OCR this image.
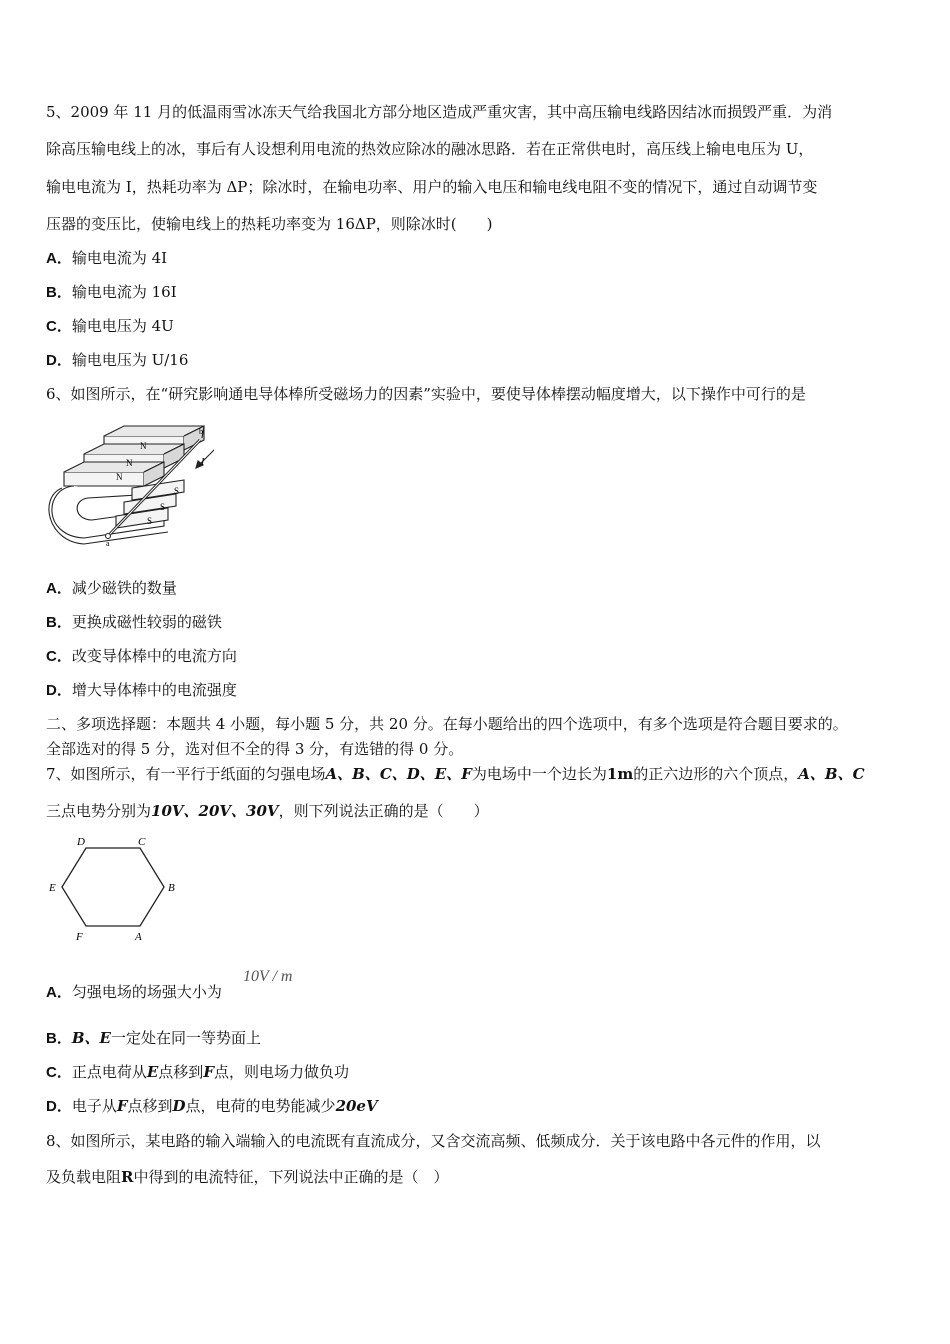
5、2009 年 11 月的低温雨雪冰冻天气给我国北方部分地区造成严重灾害，其中高压输电线路因结冰而损毁严重．为消
除高压输电线上的冰，事后有人设想利用电流的热效应除冰的融冰思路．若在正常供电时，高压线上输电电压为 U，
输电电流为 I，热耗功率为 ΔP；除冰时，在输电功率、用户的输入电压和输电线电阻不变的情况下，通过自动调节变
压器的变压比，使输电线上的热耗功率变为 16ΔP，则除冰时(　　)
A．输电电流为 4I
B．输电电流为 16I
C．输电电压为 4U
D．输电电压为 U/16
6、如图所示，在“研究影响通电导体棒所受磁场力的因素”实验中，要使导体棒摆动幅度增大，以下操作中可行的是
N
N
N
S
S
S
a
b
I
A．减少磁铁的数量
B．更换成磁性较弱的磁铁
C．改变导体棒中的电流方向
D．增大导体棒中的电流强度
二、多项选择题：本题共 4 小题，每小题 5 分，共 20 分。在每小题给出的四个选项中，有多个选项是符合题目要求的。
全部选对的得 5 分，选对但不全的得 3 分，有选错的得 0 分。
7、如图所示，有一平行于纸面的匀强电场A、B、C、D、E、F为电场中一个边长为1m的正六边形的六个顶点，A、B、C
三点电势分别为10V、20V、30V，则下列说法正确的是（　　）
D	C
E	B
F	A
A．匀强电场的场强大小为
10V / m
B．B、E一定处在同一等势面上
C．正点电荷从E点移到F点，则电场力做负功
D．电子从F点移到D点，电荷的电势能减少20eV
8、如图所示，某电路的输入端输入的电流既有直流成分，又含交流高频、低频成分．关于该电路中各元件的作用，以
及负载电阻R中得到的电流特征，下列说法中正确的是（　）
